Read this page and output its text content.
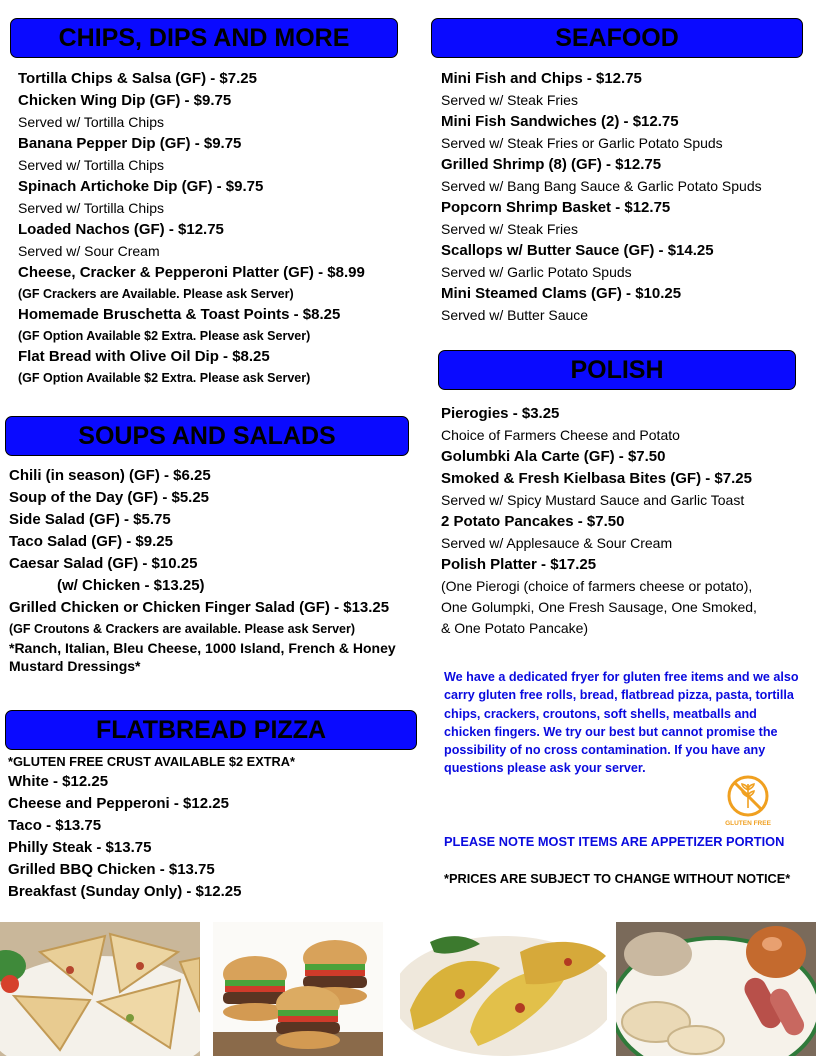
CHIPS, DIPS AND MORE
Tortilla Chips & Salsa (GF) - $7.25
Chicken Wing Dip (GF) - $9.75
Served w/ Tortilla Chips
Banana Pepper Dip (GF) - $9.75
Served w/ Tortilla Chips
Spinach Artichoke Dip (GF) - $9.75
Served w/ Tortilla Chips
Loaded Nachos (GF) - $12.75
Served w/ Sour Cream
Cheese, Cracker & Pepperoni Platter (GF) - $8.99
(GF Crackers are Available. Please ask Server)
Homemade Bruschetta & Toast Points - $8.25
(GF Option Available $2 Extra. Please ask Server)
Flat Bread with Olive Oil Dip - $8.25
(GF Option Available $2 Extra. Please ask Server)
SEAFOOD
Mini Fish and Chips - $12.75
Served w/ Steak Fries
Mini Fish Sandwiches (2) - $12.75
Served w/ Steak Fries or Garlic Potato Spuds
Grilled Shrimp (8) (GF) - $12.75
Served w/ Bang Bang Sauce & Garlic Potato Spuds
Popcorn Shrimp Basket - $12.75
Served w/ Steak Fries
Scallops w/ Butter Sauce (GF) - $14.25
Served w/ Garlic Potato Spuds
Mini Steamed Clams (GF) - $10.25
Served w/ Butter Sauce
SOUPS AND SALADS
Chili (in season) (GF) - $6.25
Soup of the Day (GF) - $5.25
Side Salad (GF) - $5.75
Taco Salad (GF) - $9.25
Caesar Salad (GF) - $10.25
(w/ Chicken - $13.25)
Grilled Chicken or Chicken Finger Salad (GF) - $13.25
(GF Croutons & Crackers are available. Please ask Server)
*Ranch, Italian, Bleu Cheese, 1000 Island, French & Honey Mustard Dressings*
POLISH
Pierogies - $3.25
Choice of Farmers Cheese and Potato
Golumbki Ala Carte (GF) - $7.50
Smoked & Fresh Kielbasa Bites (GF) - $7.25
Served w/ Spicy Mustard Sauce and Garlic Toast
2 Potato Pancakes - $7.50
Served w/ Applesauce & Sour Cream
Polish Platter - $17.25
(One Pierogi (choice of farmers cheese or potato),
One Golumpki, One Fresh Sausage, One Smoked,
& One Potato Pancake)
FLATBREAD PIZZA
*GLUTEN FREE CRUST AVAILABLE $2 EXTRA*
White - $12.25
Cheese and Pepperoni - $12.25
Taco - $13.75
Philly Steak - $13.75
Grilled BBQ Chicken - $13.75
Breakfast (Sunday Only) - $12.25
We have a dedicated fryer for gluten free items and we also carry gluten free rolls, bread, flatbread pizza, pasta, tortilla chips, crackers, croutons, soft shells, meatballs and chicken fingers. We try our best but cannot promise the possibility of no cross contamination. If you have any questions please ask your server.
GLUTEN FREE
PLEASE NOTE MOST ITEMS ARE APPETIZER PORTION
*PRICES ARE SUBJECT TO CHANGE WITHOUT NOTICE*
